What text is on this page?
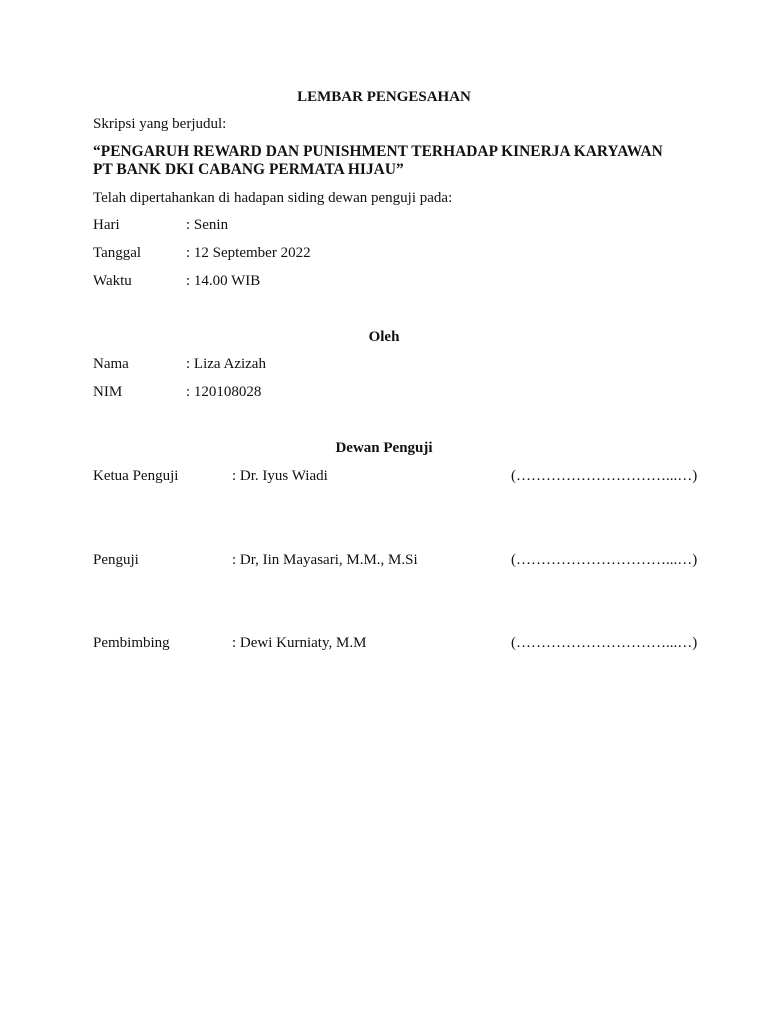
LEMBAR PENGESAHAN
Skripsi yang berjudul:
“PENGARUH REWARD DAN PUNISHMENT TERHADAP KINERJA KARYAWAN
PT BANK DKI CABANG PERMATA HIJAU”
Telah dipertahankan di hadapan siding dewan penguji pada:
Hari	: Senin
Tanggal	: 12 September 2022
Waktu	: 14.00 WIB
Oleh
Nama	: Liza Azizah
NIM	: 120108028
Dewan Penguji
Ketua Penguji	: Dr. Iyus Wiadi	(…………………………...…)
Penguji	: Dr, Iin Mayasari, M.M., M.Si	(…………………………...…)
Pembimbing	: Dewi Kurniaty, M.M	(…………………………...…)
